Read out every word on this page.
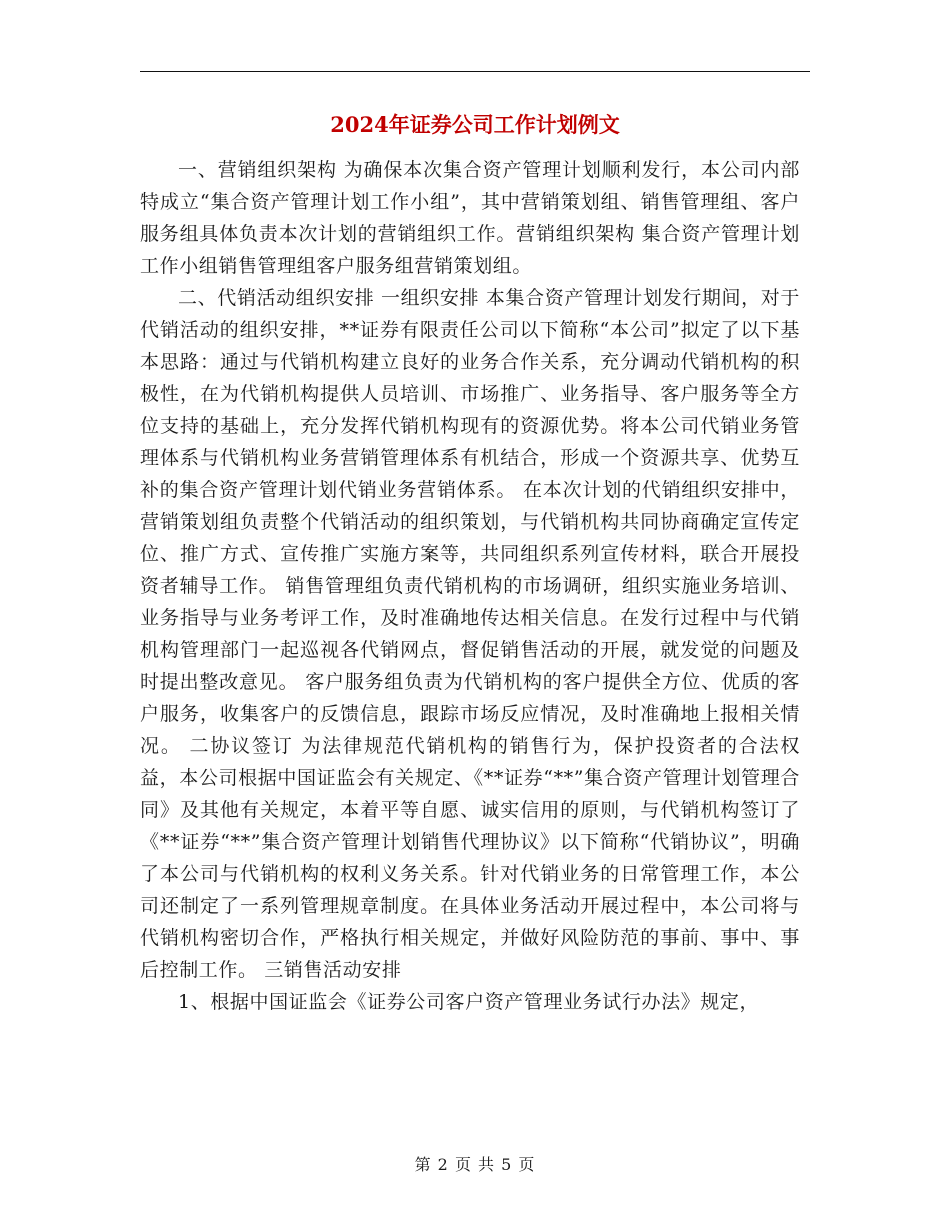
2024年证券公司工作计划例文

一、营销组织架构 为确保本次集合资产管理计划顺利发行，本公司内部特成立“集合资产管理计划工作小组”，其中营销策划组、销售管理组、客户服务组具体负责本次计划的营销组织工作。营销组织架构 集合资产管理计划工作小组销售管理组客户服务组营销策划组。

二、代销活动组织安排 一组织安排 本集合资产管理计划发行期间，对于代销活动的组织安排，**证券有限责任公司以下简称“本公司”拟定了以下基本思路：通过与代销机构建立良好的业务合作关系，充分调动代销机构的积极性，在为代销机构提供人员培训、市场推广、业务指导、客户服务等全方位支持的基础上，充分发挥代销机构现有的资源优势。将本公司代销业务管理体系与代销机构业务营销管理体系有机结合，形成一个资源共享、优势互补的集合资产管理计划代销业务营销体系。 在本次计划的代销组织安排中，营销策划组负责整个代销活动的组织策划，与代销机构共同协商确定宣传定位、推广方式、宣传推广实施方案等，共同组织系列宣传材料，联合开展投资者辅导工作。 销售管理组负责代销机构的市场调研，组织实施业务培训、业务指导与业务考评工作，及时准确地传达相关信息。在发行过程中与代销机构管理部门一起巡视各代销网点，督促销售活动的开展，就发觉的问题及时提出整改意见。 客户服务组负责为代销机构的客户提供全方位、优质的客户服务，收集客户的反馈信息，跟踪市场反应情况，及时准确地上报相关情况。 二协议签订 为法律规范代销机构的销售行为，保护投资者的合法权益，本公司根据中国证监会有关规定、《**证券“**”集合资产管理计划管理合同》及其他有关规定，本着平等自愿、诚实信用的原则，与代销机构签订了《**证券“**”集合资产管理计划销售代理协议》以下简称“代销协议”，明确了本公司与代销机构的权利义务关系。针对代销业务的日常管理工作，本公司还制定了一系列管理规章制度。在具体业务活动开展过程中，本公司将与代销机构密切合作，严格执行相关规定，并做好风险防范的事前、事中、事后控制工作。 三销售活动安排

1、根据中国证监会《证券公司客户资产管理业务试行办法》规定，

第 2 页 共 5 页
